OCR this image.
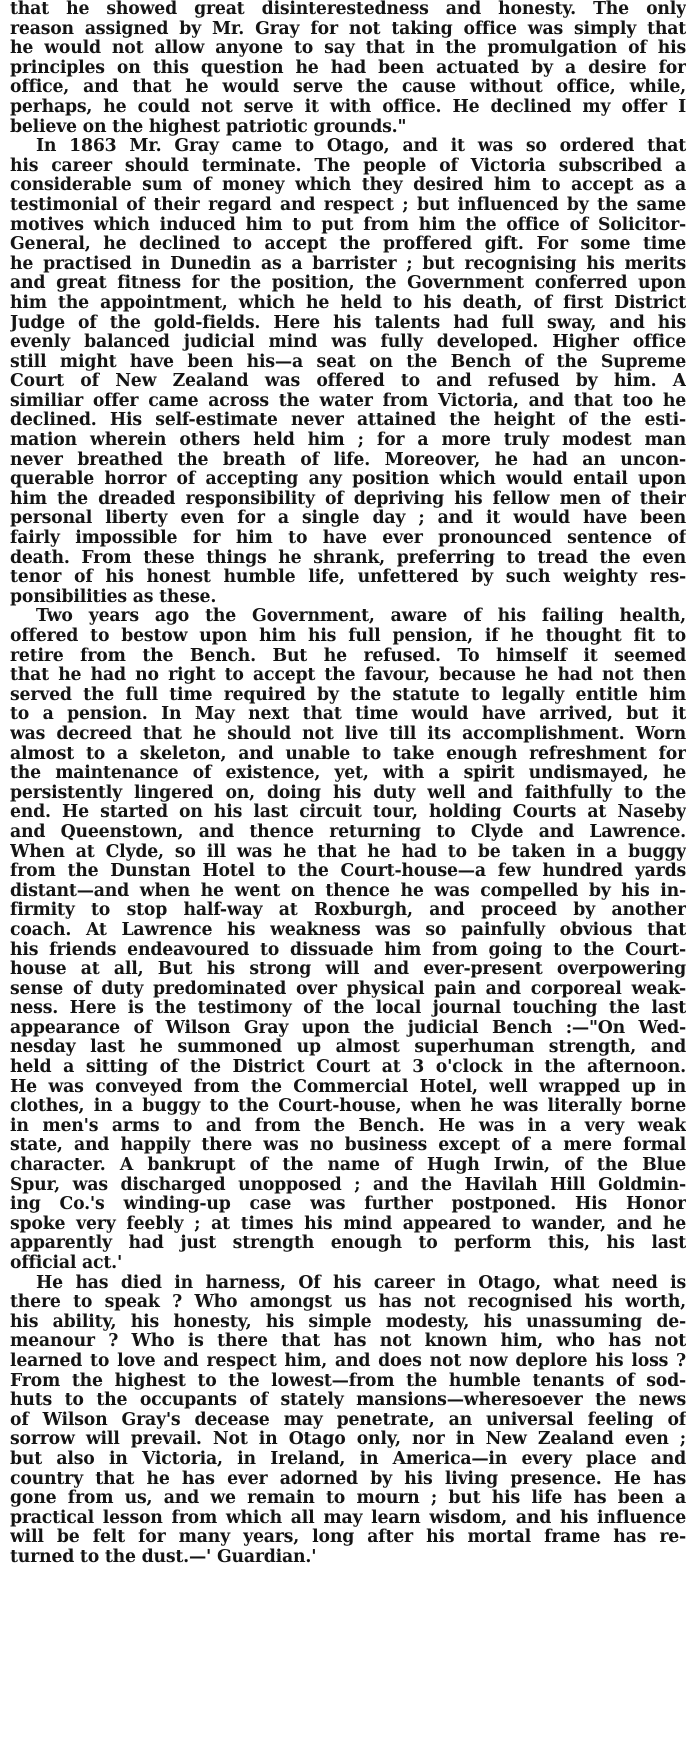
that he showed great disinterestedness and honesty. The only
reason assigned by Mr. Gray for not taking office was simply that
he would not allow anyone to say that in the promulgation of his
principles on this question he had been actuated by a desire for
office, and that he would serve the cause without office, while,
perhaps, he could not serve it with office. He declined my offer I
believe on the highest patriotic grounds."
In 1863 Mr. Gray came to Otago, and it was so ordered that
his career should terminate. The people of Victoria subscribed a
considerable sum of money which they desired him to accept as a
testimonial of their regard and respect ; but influenced by the same
motives which induced him to put from him the office of Solicitor-
General, he declined to accept the proffered gift. For some time
he practised in Dunedin as a barrister ; but recognising his merits
and great fitness for the position, the Government conferred upon
him the appointment, which he held to his death, of first District
Judge of the gold-fields. Here his talents had full sway, and his
evenly balanced judicial mind was fully developed. Higher office
still might have been his—a seat on the Bench of the Supreme
Court of New Zealand was offered to and refused by him. A
similiar offer came across the water from Victoria, and that too he
declined. His self-estimate never attained the height of the esti-
mation wherein others held him ; for a more truly modest man
never breathed the breath of life. Moreover, he had an uncon-
querable horror of accepting any position which would entail upon
him the dreaded responsibility of depriving his fellow men of their
personal liberty even for a single day ; and it would have been
fairly impossible for him to have ever pronounced sentence of
death. From these things he shrank, preferring to tread the even
tenor of his honest humble life, unfettered by such weighty res-
ponsibilities as these.
Two years ago the Government, aware of his failing health,
offered to bestow upon him his full pension, if he thought fit to
retire from the Bench. But he refused. To himself it seemed
that he had no right to accept the favour, because he had not then
served the full time required by the statute to legally entitle him
to a pension. In May next that time would have arrived, but it
was decreed that he should not live till its accomplishment. Worn
almost to a skeleton, and unable to take enough refreshment for
the maintenance of existence, yet, with a spirit undismayed, he
persistently lingered on, doing his duty well and faithfully to the
end. He started on his last circuit tour, holding Courts at Naseby
and Queenstown, and thence returning to Clyde and Lawrence.
When at Clyde, so ill was he that he had to be taken in a buggy
from the Dunstan Hotel to the Court-house—a few hundred yards
distant—and when he went on thence he was compelled by his in-
firmity to stop half-way at Roxburgh, and proceed by another
coach. At Lawrence his weakness was so painfully obvious that
his friends endeavoured to dissuade him from going to the Court-
house at all, But his strong will and ever-present overpowering
sense of duty predominated over physical pain and corporeal weak-
ness. Here is the testimony of the local journal touching the last
appearance of Wilson Gray upon the judicial Bench :—"On Wed-
nesday last he summoned up almost superhuman strength, and
held a sitting of the District Court at 3 o'clock in the afternoon.
He was conveyed from the Commercial Hotel, well wrapped up in
clothes, in a buggy to the Court-house, when he was literally borne
in men's arms to and from the Bench. He was in a very weak
state, and happily there was no business except of a mere formal
character. A bankrupt of the name of Hugh Irwin, of the Blue
Spur, was discharged unopposed ; and the Havilah Hill Goldmin-
ing Co.'s winding-up case was further postponed. His Honor
spoke very feebly ; at times his mind appeared to wander, and he
apparently had just strength enough to perform this, his last
official act.'
He has died in harness, Of his career in Otago, what need is
there to speak ? Who amongst us has not recognised his worth,
his ability, his honesty, his simple modesty, his unassuming de-
meanour ? Who is there that has not known him, who has not
learned to love and respect him, and does not now deplore his loss ?
From the highest to the lowest—from the humble tenants of sod-
huts to the occupants of stately mansions—wheresoever the news
of Wilson Gray's decease may penetrate, an universal feeling of
sorrow will prevail. Not in Otago only, nor in New Zealand even ;
but also in Victoria, in Ireland, in America—in every place and
country that he has ever adorned by his living presence. He has
gone from us, and we remain to mourn ; but his life has been a
practical lesson from which all may learn wisdom, and his influence
will be felt for many years, long after his mortal frame has re-
turned to the dust.—' Guardian.'
